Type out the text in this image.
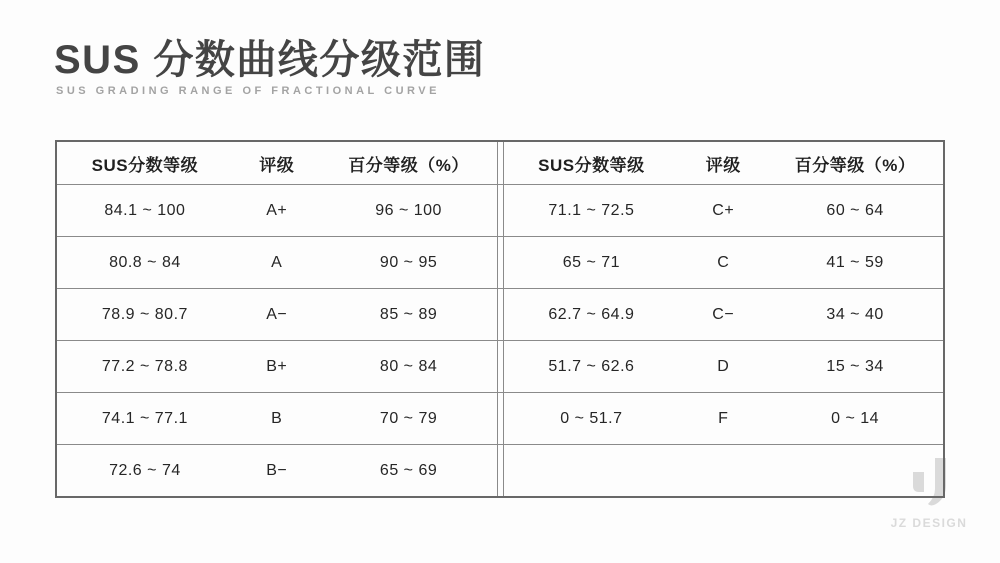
SUS 分数曲线分级范围
SUS GRADING RANGE OF FRACTIONAL CURVE
JZ DESIGN
SUS分数等级	评级	百分等级（%）	SUS分数等级	评级	百分等级（%）
84.1 ~ 100	A+	96 ~ 100	71.1 ~ 72.5	C+	60 ~ 64
80.8 ~ 84	A	90 ~ 95	65 ~ 71	C	41 ~ 59
78.9 ~ 80.7	A−	85 ~ 89	62.7 ~ 64.9	C−	34 ~ 40
77.2 ~ 78.8	B+	80 ~ 84	51.7 ~ 62.6	D	15 ~ 34
74.1 ~ 77.1	B	70 ~ 79	0 ~ 51.7	F	0 ~ 14
72.6 ~ 74	B−	65 ~ 69
